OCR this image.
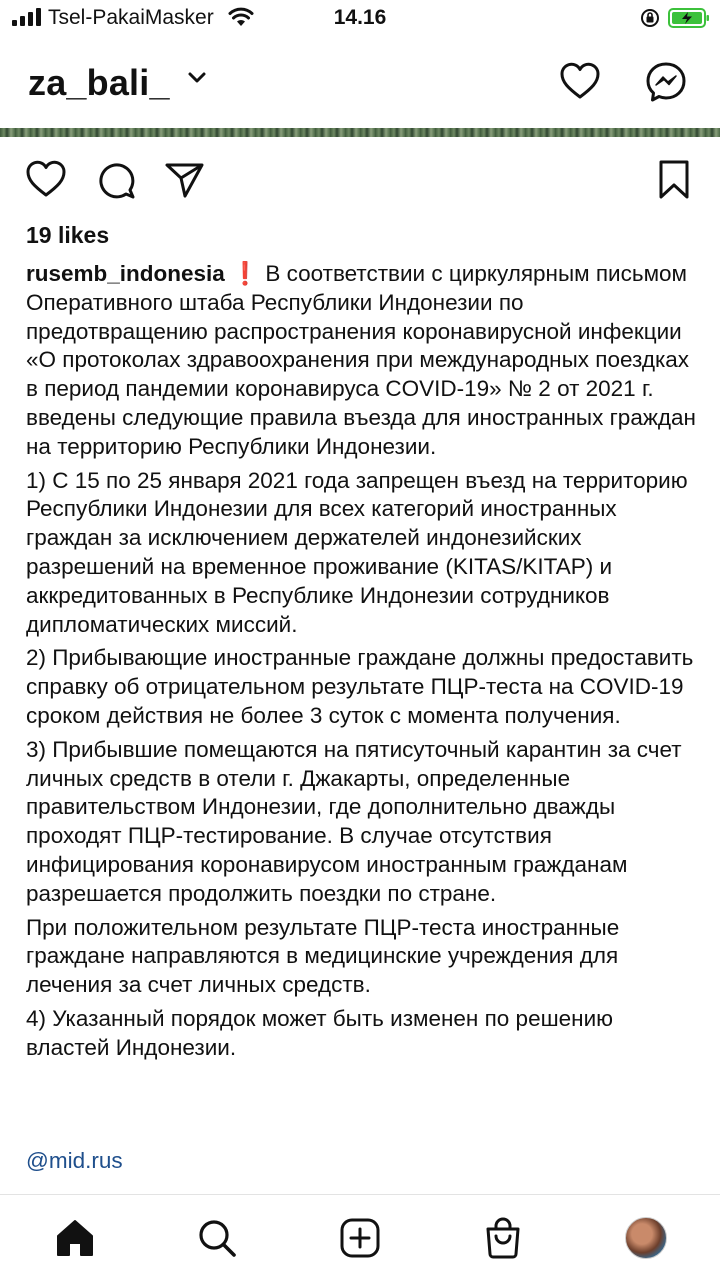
Tsel-PakaiMasker	14.16
za_bali_
19 likes

rusemb_indonesia ❗ В соответствии с циркулярным письмом Оперативного штаба Республики Индонезии по предотвращению распространения коронавирусной инфекции «О протоколах здравоохранения при международных поездках в период пандемии коронавируса COVID-19» № 2 от 2021 г. введены следующие правила въезда для иностранных граждан на территорию Республики Индонезии.

1) С 15 по 25 января 2021 года запрещен въезд на территорию Республики Индонезии для всех категорий иностранных граждан за исключением держателей индонезийских разрешений на временное проживание (KITAS/KITAP) и аккредитованных в Республике Индонезии сотрудников дипломатических миссий.

2) Прибывающие иностранные граждане должны предоставить справку об отрицательном результате ПЦР-теста на COVID-19 сроком действия не более 3 суток с момента получения.

3) Прибывшие помещаются на пятисуточный карантин за счет личных средств в отели г. Джакарты, определенные правительством Индонезии, где дополнительно дважды проходят ПЦР-тестирование. В случае отсутствия инфицирования коронавирусом иностранным гражданам разрешается продолжить поездки по стране.

При положительном результате ПЦР-теста иностранные граждане направляются в медицинские учреждения для лечения за счет личных средств.

4) Указанный порядок может быть изменен по решению властей Индонезии.

@mid.rus
